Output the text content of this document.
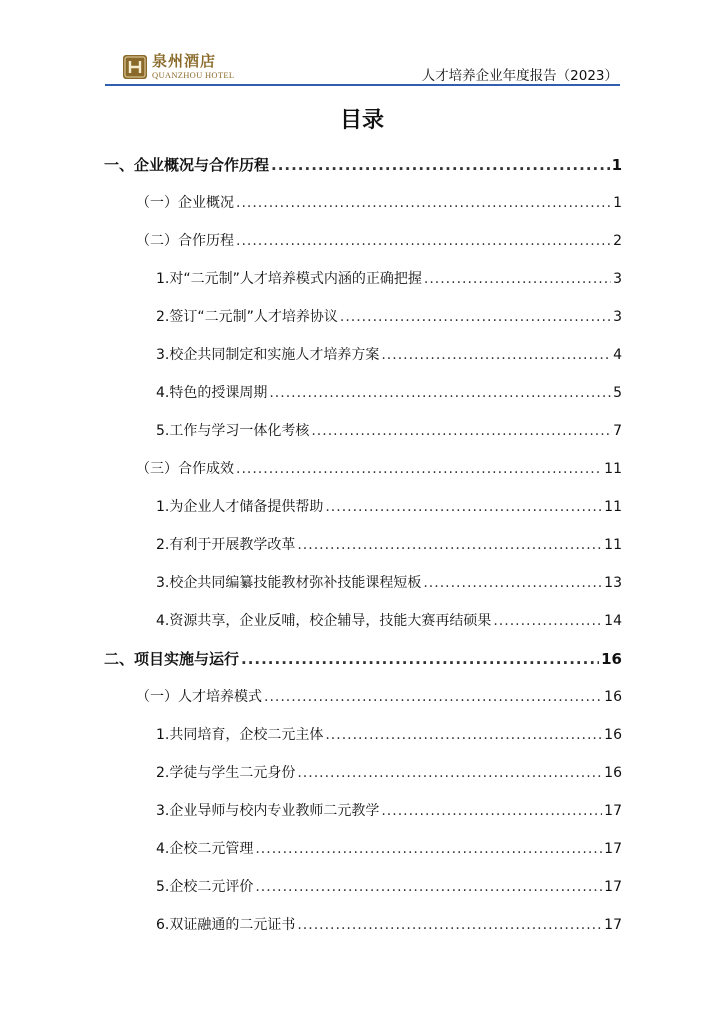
泉州酒店
QUANZHOU HOTEL	人才培养企业年度报告（2023）
目录
一、企业概况与合作历程 .....	1
（一）企业概况 .....	1
（二）合作历程 .....	2
1.对“二元制”人才培养模式内涵的正确把握 .....	3
2.签订“二元制”人才培养协议 .....	3
3.校企共同制定和实施人才培养方案 .....	4
4.特色的授课周期 .....	5
5.工作与学习一体化考核 .....	7
（三）合作成效 .....	11
1.为企业人才储备提供帮助 .....	11
2.有利于开展教学改革 .....	11
3.校企共同编纂技能教材弥补技能课程短板 .....	13
4.资源共享，企业反哺，校企辅导，技能大赛再结硕果 .....	14
二、项目实施与运行 .....	16
（一）人才培养模式 .....	16
1.共同培育，企校二元主体 .....	16
2.学徒与学生二元身份 .....	16
3.企业导师与校内专业教师二元教学 .....	17
4.企校二元管理 .....	17
5.企校二元评价 .....	17
6.双证融通的二元证书 .....	17
